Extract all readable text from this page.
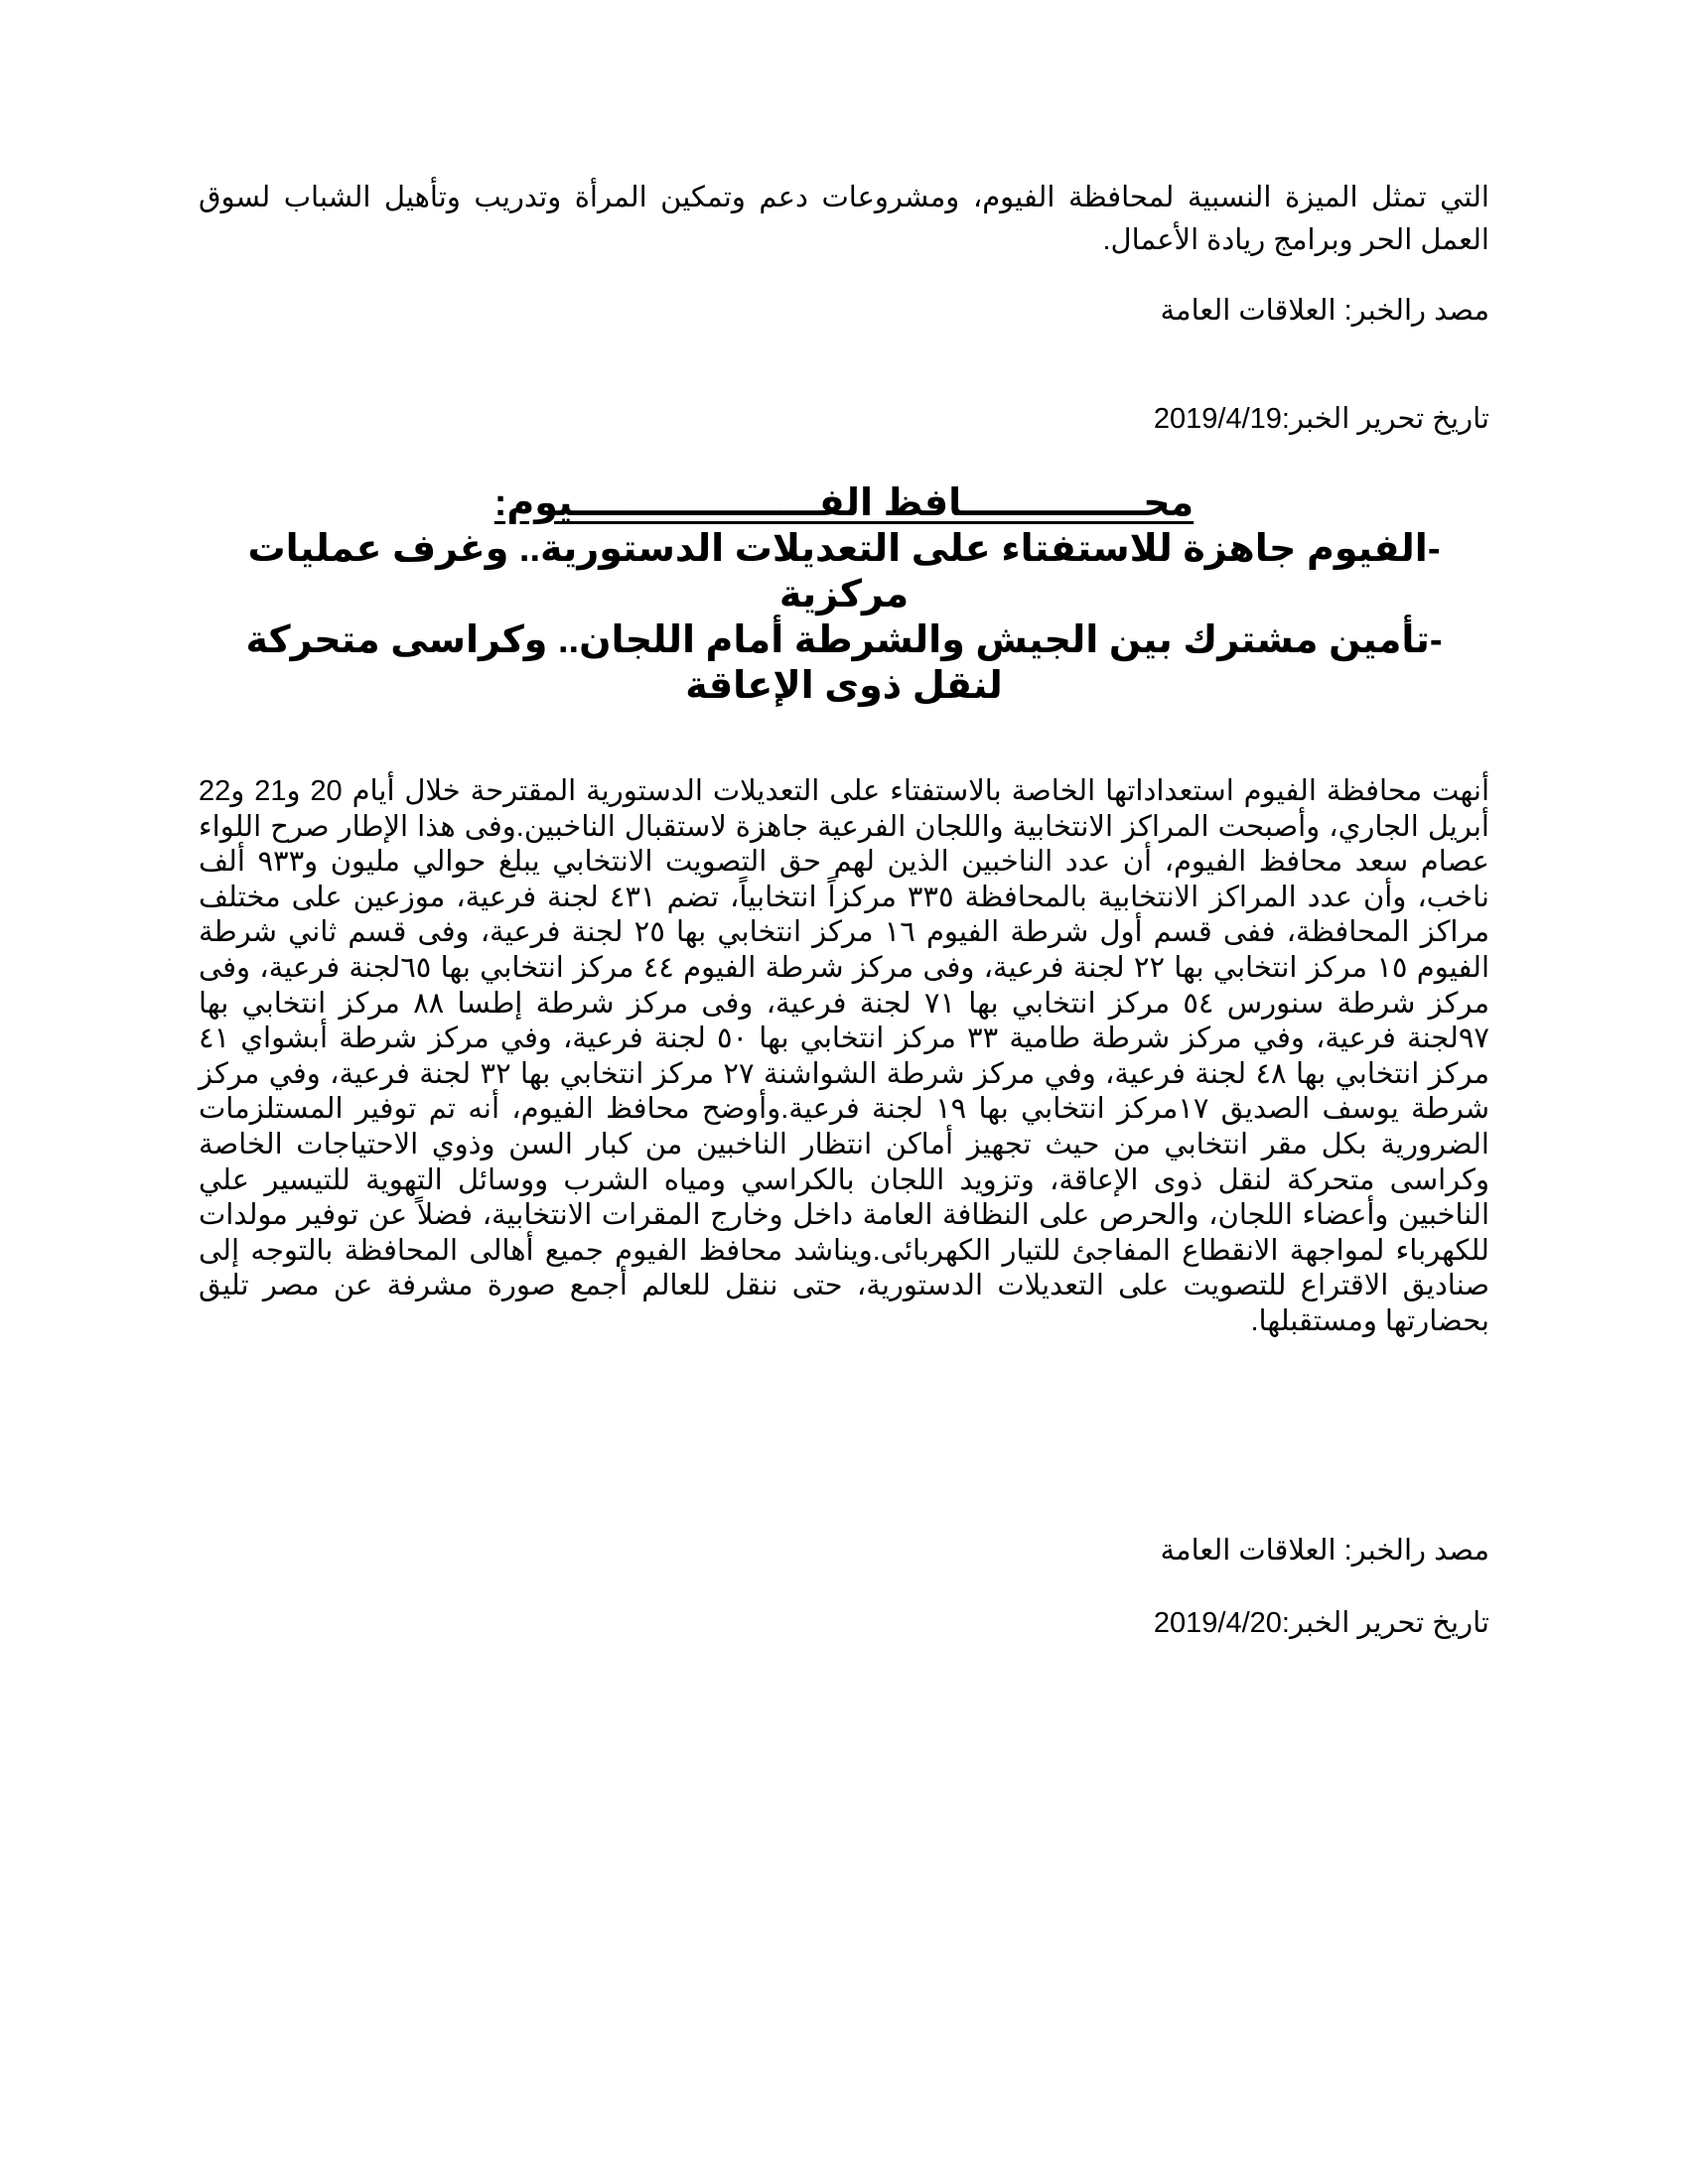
التي تمثل الميزة النسبية لمحافظة الفيوم، ومشروعات دعم وتمكين المرأة وتدريب وتأهيل الشباب لسوق العمل الحر وبرامج ريادة الأعمال.

مصد رالخبر: العلاقات العامة

تاريخ تحرير الخبر:2019/4/19

محــــــــــــــافظ الفـــــــــــــــــــيوم:

-الفيوم جاهزة للاستفتاء على التعديلات الدستورية.. وغرف عمليات مركزية

-تأمين مشترك بين الجيش والشرطة أمام اللجان.. وكراسى متحركة لنقل ذوى الإعاقة

أنهت محافظة الفيوم استعداداتها الخاصة بالاستفتاء على التعديلات الدستورية المقترحة خلال أيام 20 و21 و22 أبريل الجاري، وأصبحت المراكز الانتخابية واللجان الفرعية جاهزة لاستقبال الناخبين.وفى هذا الإطار صرح اللواء عصام سعد محافظ الفيوم، أن عدد الناخبين الذين لهم حق التصويت الانتخابي يبلغ حوالي مليون و٩٣٣ ألف ناخب، وأن عدد المراكز الانتخابية بالمحافظة ٣٣٥ مركزاً انتخابياً، تضم ٤٣١ لجنة فرعية، موزعين على مختلف مراكز المحافظة، ففى قسم أول شرطة الفيوم ١٦ مركز انتخابي بها ٢٥ لجنة فرعية، وفى قسم ثاني شرطة الفيوم ١٥ مركز انتخابي بها ٢٢ لجنة فرعية، وفى مركز شرطة الفيوم ٤٤ مركز انتخابي بها ٦٥لجنة فرعية، وفى مركز شرطة سنورس ٥٤ مركز انتخابي بها ٧١ لجنة فرعية، وفى مركز شرطة إطسا ٨٨ مركز انتخابي بها ٩٧لجنة فرعية، وفي مركز شرطة طامية ٣٣ مركز انتخابي بها ٥٠ لجنة فرعية، وفي مركز شرطة أبشواي ٤١ مركز انتخابي بها ٤٨ لجنة فرعية، وفي مركز شرطة الشواشنة ٢٧ مركز انتخابي بها ٣٢ لجنة فرعية، وفي مركز شرطة يوسف الصديق ١٧مركز انتخابي بها ١٩ لجنة فرعية.وأوضح محافظ الفيوم، أنه تم توفير المستلزمات الضرورية بكل مقر انتخابي من حيث تجهيز أماكن انتظار الناخبين من كبار السن وذوي الاحتياجات الخاصة وكراسى متحركة لنقل ذوى الإعاقة، وتزويد اللجان بالكراسي ومياه الشرب ووسائل التهوية للتيسير علي الناخبين وأعضاء اللجان، والحرص على النظافة العامة داخل وخارج المقرات الانتخابية، فضلاً عن توفير مولدات للكهرباء لمواجهة الانقطاع المفاجئ للتيار الكهربائى.ويناشد محافظ الفيوم جميع أهالى المحافظة بالتوجه إلى صناديق الاقتراع للتصويت على التعديلات الدستورية، حتى ننقل للعالم أجمع صورة مشرفة عن مصر تليق بحضارتها ومستقبلها.

مصد رالخبر: العلاقات العامة

تاريخ تحرير الخبر:2019/4/20
